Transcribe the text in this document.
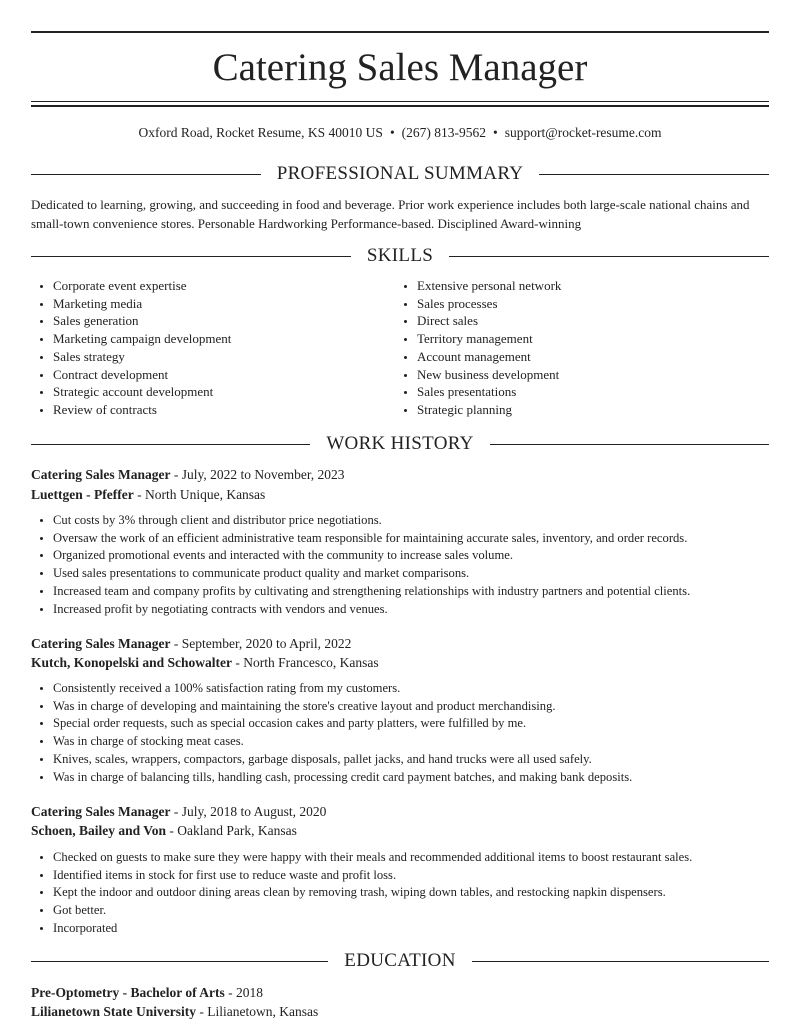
Catering Sales Manager
Oxford Road, Rocket Resume, KS 40010 US • (267) 813-9562 • support@rocket-resume.com
PROFESSIONAL SUMMARY
Dedicated to learning, growing, and succeeding in food and beverage. Prior work experience includes both large-scale national chains and small-town convenience stores. Personable Hardworking Performance-based. Disciplined Award-winning
SKILLS
• Corporate event expertise
• Marketing media
• Sales generation
• Marketing campaign development
• Sales strategy
• Contract development
• Strategic account development
• Review of contracts
• Extensive personal network
• Sales processes
• Direct sales
• Territory management
• Account management
• New business development
• Sales presentations
• Strategic planning
WORK HISTORY
Catering Sales Manager - July, 2022 to November, 2023
Luettgen - Pfeffer - North Unique, Kansas
• Cut costs by 3% through client and distributor price negotiations.
• Oversaw the work of an efficient administrative team responsible for maintaining accurate sales, inventory, and order records.
• Organized promotional events and interacted with the community to increase sales volume.
• Used sales presentations to communicate product quality and market comparisons.
• Increased team and company profits by cultivating and strengthening relationships with industry partners and potential clients.
• Increased profit by negotiating contracts with vendors and venues.
Catering Sales Manager - September, 2020 to April, 2022
Kutch, Konopelski and Schowalter - North Francesco, Kansas
• Consistently received a 100% satisfaction rating from my customers.
• Was in charge of developing and maintaining the store's creative layout and product merchandising.
• Special order requests, such as special occasion cakes and party platters, were fulfilled by me.
• Was in charge of stocking meat cases.
• Knives, scales, wrappers, compactors, garbage disposals, pallet jacks, and hand trucks were all used safely.
• Was in charge of balancing tills, handling cash, processing credit card payment batches, and making bank deposits.
Catering Sales Manager - July, 2018 to August, 2020
Schoen, Bailey and Von - Oakland Park, Kansas
• Checked on guests to make sure they were happy with their meals and recommended additional items to boost restaurant sales.
• Identified items in stock for first use to reduce waste and profit loss.
• Kept the indoor and outdoor dining areas clean by removing trash, wiping down tables, and restocking napkin dispensers.
• Got better.
• Incorporated
EDUCATION
Pre-Optometry - Bachelor of Arts - 2018
Lilianetown State University - Lilianetown, Kansas
